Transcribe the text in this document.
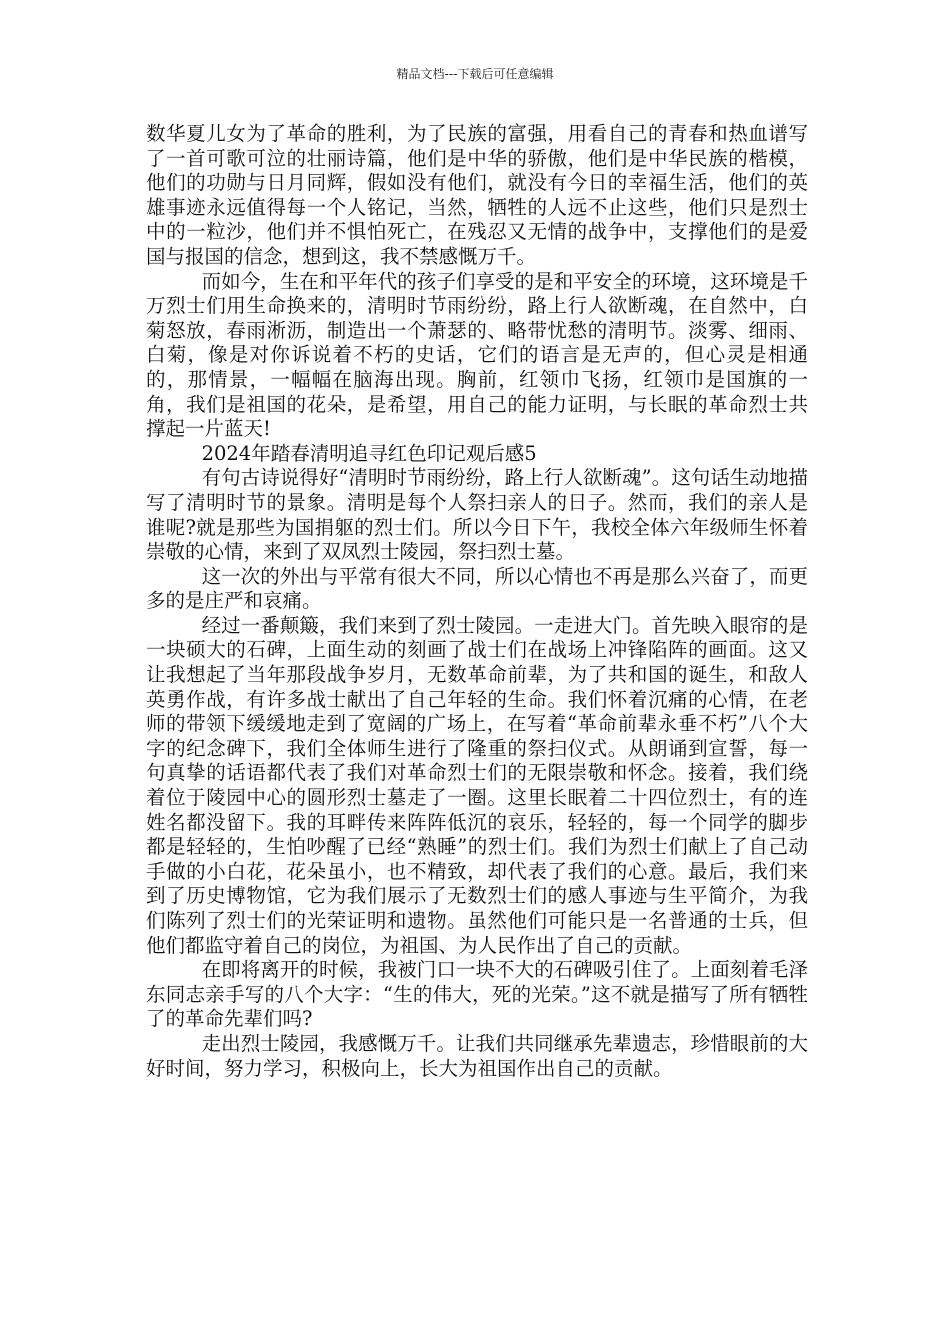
精品文档---下载后可任意编辑

数华夏儿女为了革命的胜利，为了民族的富强，用看自己的青春和热血谱写了一首可歌可泣的壮丽诗篇，他们是中华的骄傲，他们是中华民族的楷模，他们的功勋与日月同辉，假如没有他们，就没有今日的幸福生活，他们的英雄事迹永远值得每一个人铭记，当然，牺牲的人远不止这些，他们只是烈士中的一粒沙，他们并不惧怕死亡，在残忍又无情的战争中，支撑他们的是爱国与报国的信念，想到这，我不禁感慨万千。

而如今，生在和平年代的孩子们享受的是和平安全的环境，这环境是千万烈士们用生命换来的，清明时节雨纷纷，路上行人欲断魂，在自然中，白菊怒放，春雨淅沥，制造出一个萧瑟的、略带忧愁的清明节。淡雾、细雨、白菊，像是对你诉说着不朽的史话，它们的语言是无声的，但心灵是相通的，那情景，一幅幅在脑海出现。胸前，红领巾飞扬，红领巾是国旗的一角，我们是祖国的花朵，是希望，用自己的能力证明，与长眠的革命烈士共撑起一片蓝天!

2024年踏春清明追寻红色印记观后感5

有句古诗说得好“清明时节雨纷纷，路上行人欲断魂”。这句话生动地描写了清明时节的景象。清明是每个人祭扫亲人的日子。然而，我们的亲人是谁呢?就是那些为国捐躯的烈士们。所以今日下午，我校全体六年级师生怀着崇敬的心情，来到了双凤烈士陵园，祭扫烈士墓。

这一次的外出与平常有很大不同，所以心情也不再是那么兴奋了，而更多的是庄严和哀痛。

经过一番颠簸，我们来到了烈士陵园。一走进大门。首先映入眼帘的是一块硕大的石碑，上面生动的刻画了战士们在战场上冲锋陷阵的画面。这又让我想起了当年那段战争岁月，无数革命前辈，为了共和国的诞生，和敌人英勇作战，有许多战士献出了自己年轻的生命。我们怀着沉痛的心情，在老师的带领下缓缓地走到了宽阔的广场上，在写着“革命前辈永垂不朽”八个大字的纪念碑下，我们全体师生进行了隆重的祭扫仪式。从朗诵到宣誓，每一句真挚的话语都代表了我们对革命烈士们的无限崇敬和怀念。接着，我们绕着位于陵园中心的圆形烈士墓走了一圈。这里长眠着二十四位烈士，有的连姓名都没留下。我的耳畔传来阵阵低沉的哀乐，轻轻的，每一个同学的脚步都是轻轻的，生怕吵醒了已经“熟睡”的烈士们。我们为烈士们献上了自己动手做的小白花，花朵虽小，也不精致，却代表了我们的心意。最后，我们来到了历史博物馆，它为我们展示了无数烈士们的感人事迹与生平简介，为我们陈列了烈士们的光荣证明和遗物。虽然他们可能只是一名普通的士兵，但他们都监守着自己的岗位，为祖国、为人民作出了自己的贡献。

在即将离开的时候，我被门口一块不大的石碑吸引住了。上面刻着毛泽东同志亲手写的八个大字：“生的伟大，死的光荣。”这不就是描写了所有牺牲了的革命先辈们吗?

走出烈士陵园，我感慨万千。让我们共同继承先辈遗志，珍惜眼前的大好时间，努力学习，积极向上，长大为祖国作出自己的贡献。
